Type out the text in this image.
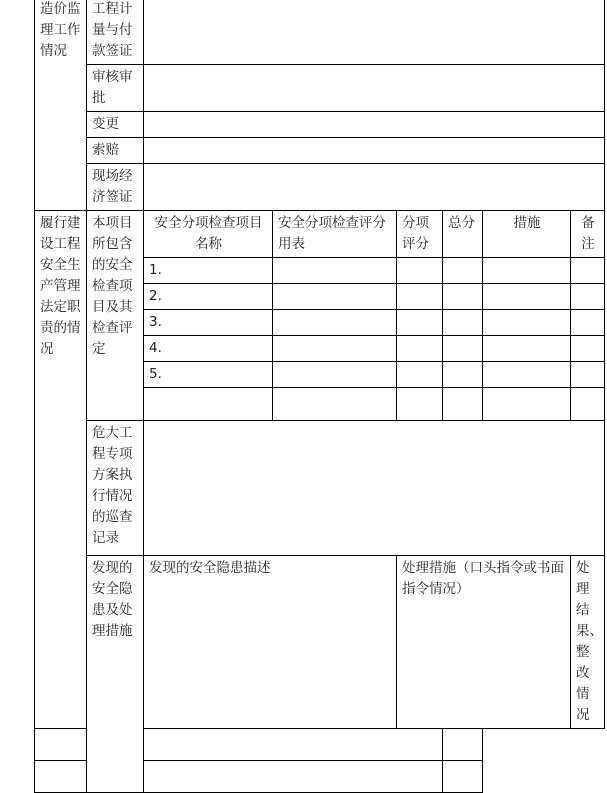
造价监理工作情况	工程计量与付款签证						
	审核审批						
	变更						
	索赔						
	现场经济签证						
履行建设工程安全生产管理法定职责的情况	本项目所包含的安全检查项目及其检查评定	安全分项检查项目名称	安全分项检查评分用表	分项评分	总分	措施	备注
		1.					
		2.					
		3.					
		4.					
		5.					

	危大工程专项方案执行情况的巡查记录						
	发现的安全隐患及处理措施	发现的安全隐患描述		处理措施（口头指令或书面指令情况）			处理结果、整改情况
